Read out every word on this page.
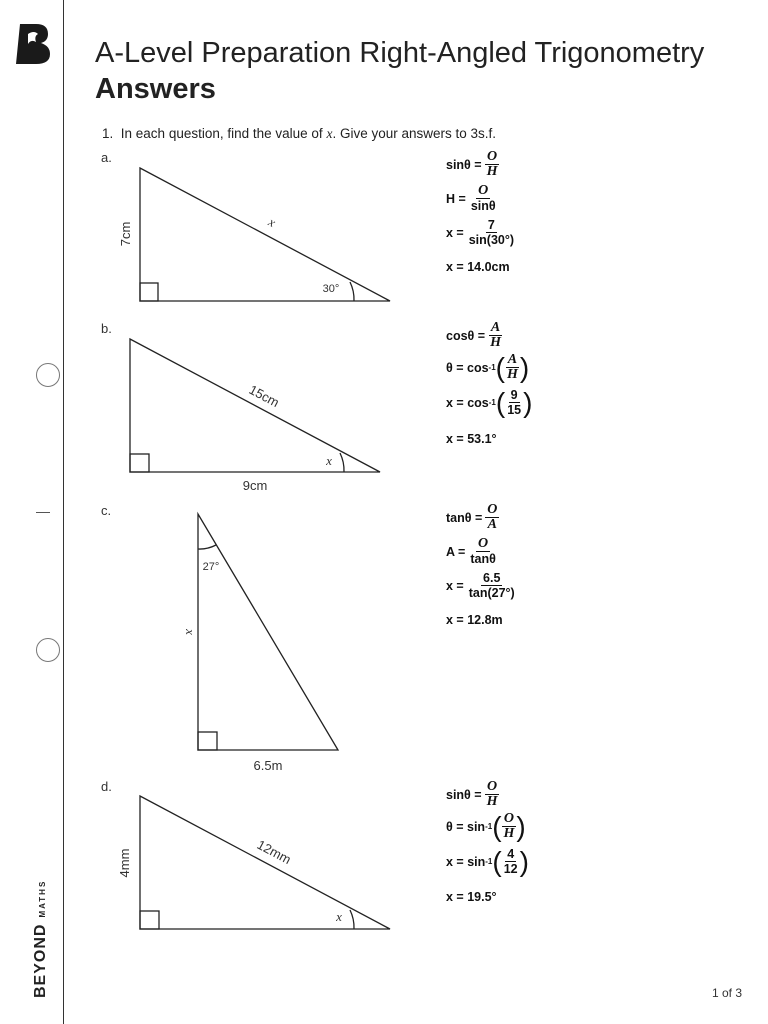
BEYONDMATHS
A-Level Preparation Right-Angled Trigonometry Answers
1. In each question, find the value of x. Give your answers to 3s.f.
a.
b.
c.
d.
7cm	x
30°
15cm
9cm
x
27°
x
6.5m
4mm	12mm
x
$\sin\theta = \frac{O}{H}$
$H = \frac{O}{\sin\theta}$
$x = \frac{7}{\sin(30^\circ)}$
x = 14.0cm
$\cos\theta = \frac{A}{H}$
θ = cos -1 ( $\frac{A}{H}$ )
x = cos -1 ( $\frac{9}{15}$ )
x = 53.1°
$\tan\theta = \frac{O}{A}$
$A = \frac{O}{\tan\theta}$
$x = \frac{6.5}{\tan(27^\circ)}$
x = 12.8m
$\sin\theta = \frac{O}{H}$
θ = sin -1 ( $\frac{O}{H}$ )
x = sin -1 ( $\frac{4}{12}$ )
x = 19.5°
1 of 3
